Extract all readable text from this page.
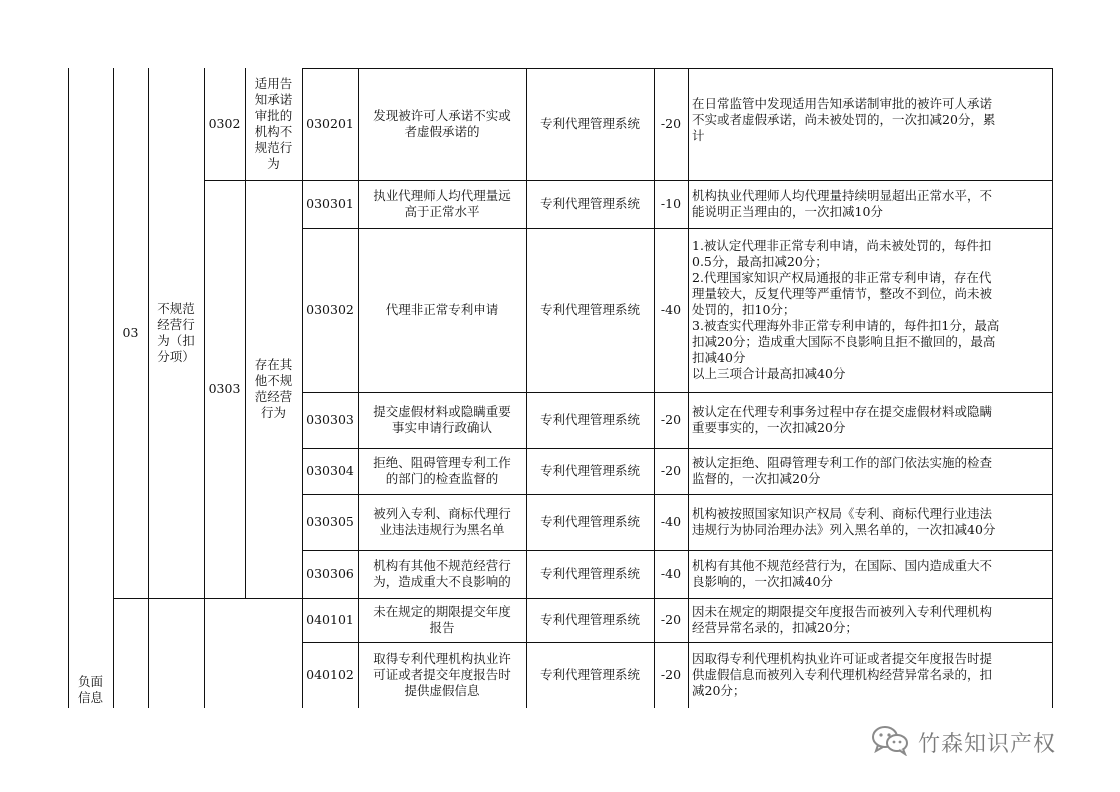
负面
信息
03
不规范
经营行
为（扣
分项）
0302
适用告
知承诺
审批的
机构不
规范行
为
0303
存在其
他不规
范经营
行为
030201
发现被许可人承诺不实或
者虚假承诺的
专利代理管理系统 -20
在日常监管中发现适用告知承诺制审批的被许可人承诺
不实或者虚假承诺，尚未被处罚的，一次扣减20分，累
计
030301
执业代理师人均代理量远
高于正常水平
专利代理管理系统 -10
机构执业代理师人均代理量持续明显超出正常水平，不
能说明正当理由的，一次扣减10分
030302	代理非正常专利申请	专利代理管理系统 -40
1.被认定代理非正常专利申请，尚未被处罚的，每件扣
0.5分，最高扣减20分；
2.代理国家知识产权局通报的非正常专利申请，存在代
理量较大，反复代理等严重情节，整改不到位，尚未被
处罚的，扣10分；
3.被查实代理海外非正常专利申请的，每件扣1分，最高
扣减20分；造成重大国际不良影响且拒不撤回的，最高
扣减40分
以上三项合计最高扣减40分
030303
提交虚假材料或隐瞒重要
事实申请行政确认
专利代理管理系统 -20
被认定在代理专利事务过程中存在提交虚假材料或隐瞒
重要事实的，一次扣减20分
030304
拒绝、阻碍管理专利工作
的部门的检查监督的
专利代理管理系统 -20
被认定拒绝、阻碍管理专利工作的部门依法实施的检查
监督的，一次扣减20分
030305
被列入专利、商标代理行
业违法违规行为黑名单
专利代理管理系统 -40
机构被按照国家知识产权局《专利、商标代理行业违法
违规行为协同治理办法》列入黑名单的，一次扣减40分
030306
机构有其他不规范经营行
为，造成重大不良影响的
专利代理管理系统 -40
机构有其他不规范经营行为，在国际、国内造成重大不
良影响的，一次扣减40分
040101
未在规定的期限提交年度
报告
专利代理管理系统 -20
因未在规定的期限提交年度报告而被列入专利代理机构
经营异常名录的，扣减20分；
040102
取得专利代理机构执业许
可证或者提交年度报告时
提供虚假信息
专利代理管理系统 -20
因取得专利代理机构执业许可证或者提交年度报告时提
供虚假信息而被列入专利代理机构经营异常名录的，扣
减20分；
竹森知识产权
